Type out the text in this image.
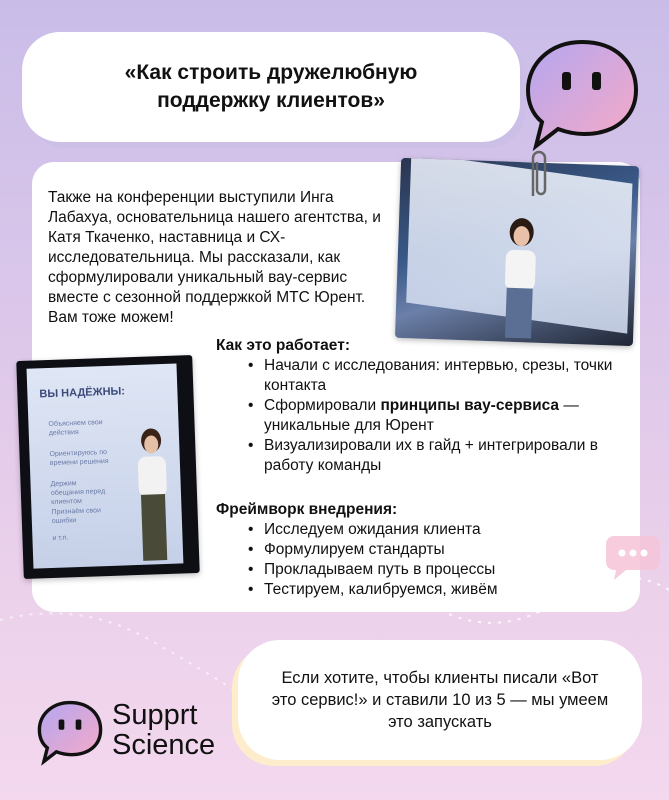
«Как строить дружелюбную поддержку клиентов»

Также на конференции выступили Инга Лабахуа, основательница нашего агентства, и Катя Ткаченко, наставница и СХ-исследовательница. Мы рассказали, как сформулировали уникальный вау-сервис вместе с сезонной поддержкой МТС Юрент. Вам тоже можем!

ВЫ НАДЁЖНЫ:
Объясняем свои действия
Ориентируюсь по времени решения
Держим обещания перед клиентом
Признаём свои ошибки
и т.п.
Как это работает:
• Начали с исследования: интервью, срезы, точки контакта
• Сформировали принципы вау-сервиса — уникальные для Юрент
• Визуализировали их в гайд + интегрировали в работу команды
Фреймворк внедрения:
• Исследуем ожидания клиента
• Формулируем стандарты
• Прокладываем путь в процессы
• Тестируем, калибруемся, живём

Если хотите, чтобы клиенты писали «Вот это сервис!» и ставили 10 из 5 — мы умеем это запускать

Supprt
Science
